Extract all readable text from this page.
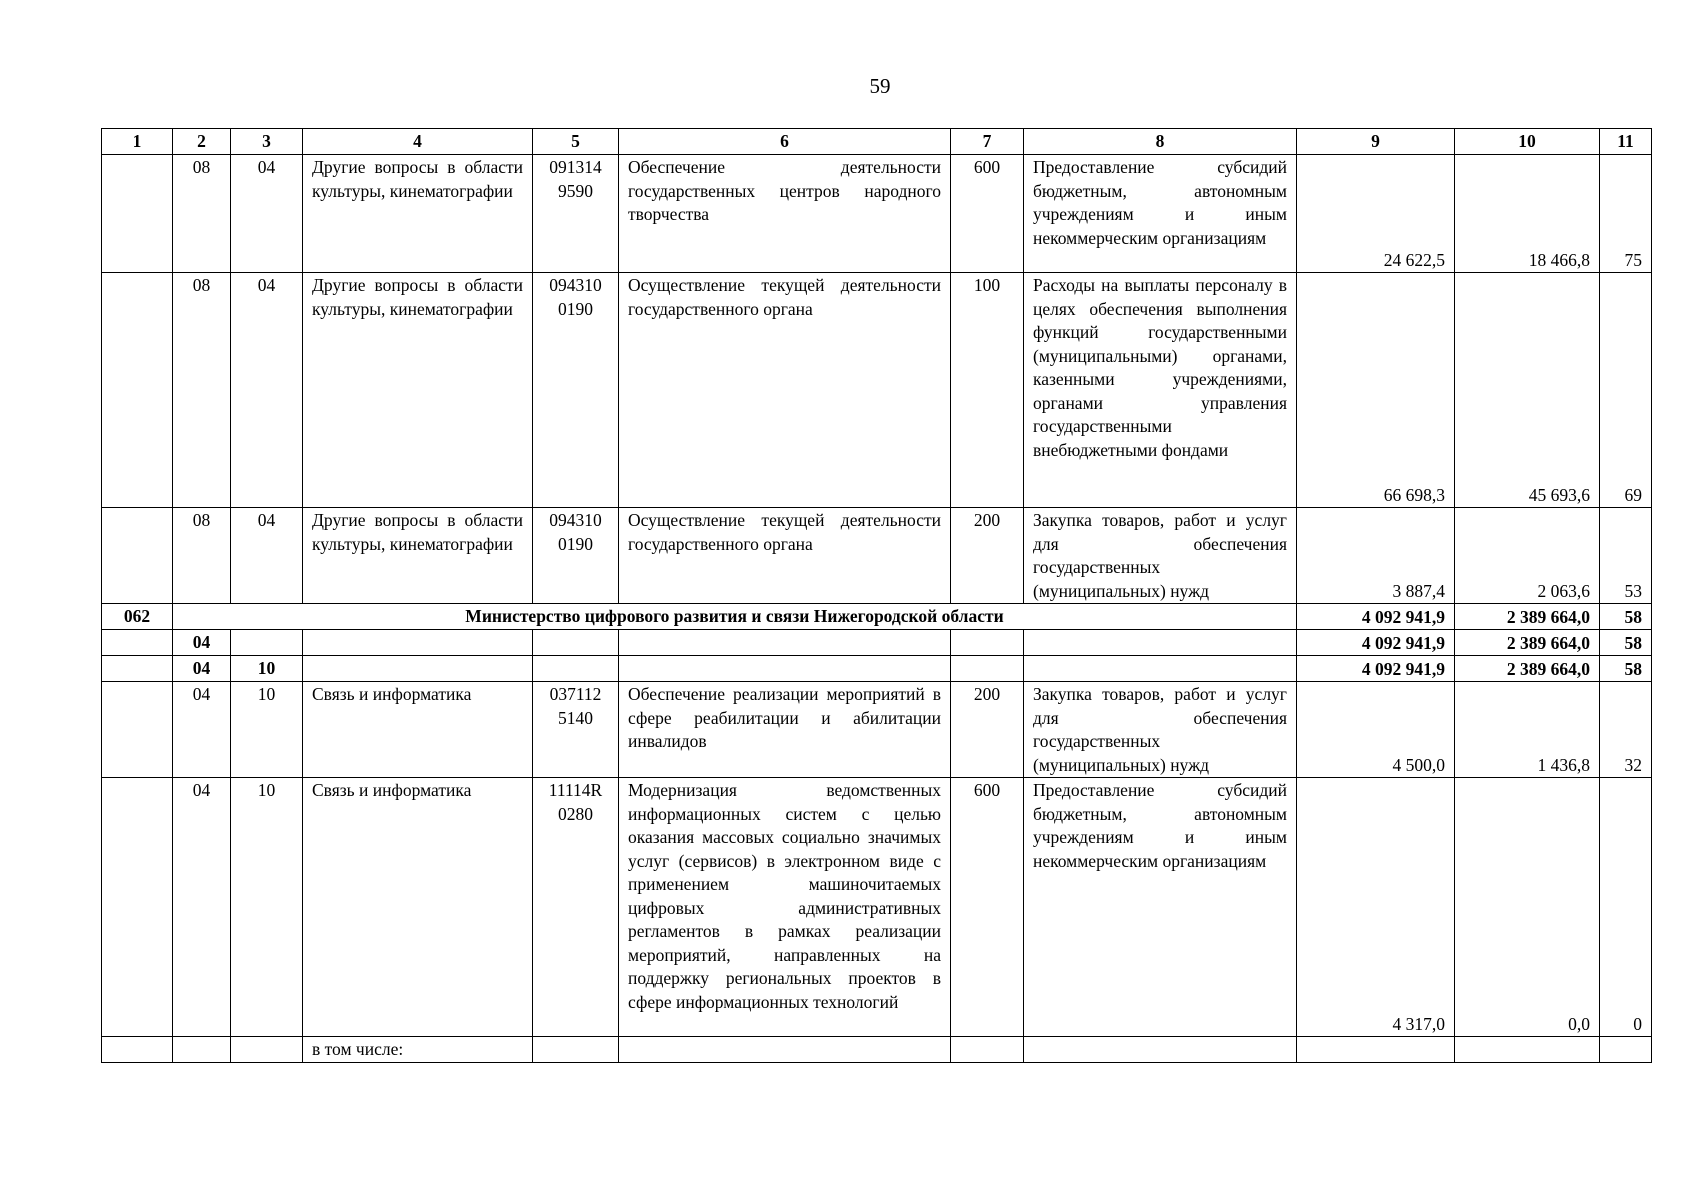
59
1	2	3	4	5	6	7	8	9	10	11
	08	04	Другие вопросы в области культуры, кинематографии	091314 9590	Обеспечение деятельности государственных центров народного творчества	600	Предоставление субсидий бюджетным, автономным учреждениям и иным некоммерческим организациям	24 622,5	18 466,8	75
	08	04	Другие вопросы в области культуры, кинематографии	094310 0190	Осуществление текущей деятельности государственного органа	100	Расходы на выплаты персоналу в целях обеспечения выполнения функций государственными (муниципальными) органами, казенными учреждениями, органами управления государственными внебюджетными фондами	66 698,3	45 693,6	69
	08	04	Другие вопросы в области культуры, кинематографии	094310 0190	Осуществление текущей деятельности государственного органа	200	Закупка товаров, работ и услуг для обеспечения государственных (муниципальных) нужд	3 887,4	2 063,6	53
062	Министерство цифрового развития и связи Нижегородской области							4 092 941,9	2 389 664,0	58
	04							4 092 941,9	2 389 664,0	58
	04	10						4 092 941,9	2 389 664,0	58
	04	10	Связь и информатика	037112 5140	Обеспечение реализации мероприятий в сфере реабилитации и абилитации инвалидов	200	Закупка товаров, работ и услуг для обеспечения государственных (муниципальных) нужд	4 500,0	1 436,8	32
	04	10	Связь и информатика	11114R 0280	Модернизация ведомственных информационных систем с целью оказания массовых социально значимых услуг (сервисов) в электронном виде с применением машиночитаемых цифровых административных регламентов в рамках реализации мероприятий, направленных на поддержку региональных проектов в сфере информационных технологий	600	Предоставление субсидий бюджетным, автономным учреждениям и иным некоммерческим организациям	4 317,0	0,0	0
			в том числе:							
